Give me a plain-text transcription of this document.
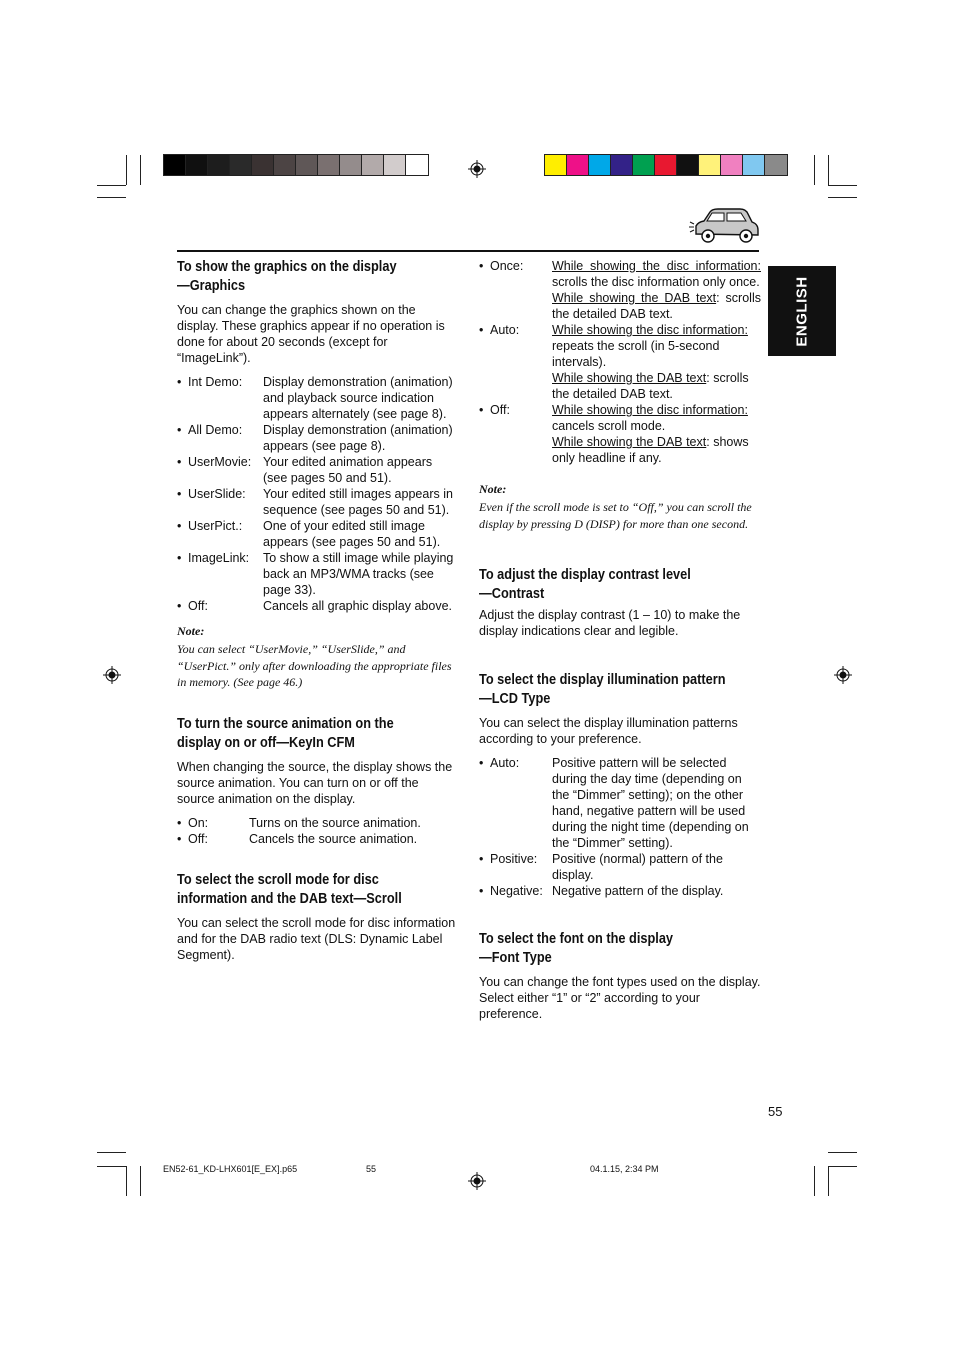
ENGLISH
To show the graphics on the display
—Graphics

You can change the graphics shown on the display. These graphics appear if no operation is done for about 20 seconds (except for “ImageLink”).

• Int Demo:	Display demonstration (animation) and playback source indication appears alternately (see page 8).
• All Demo:	Display demonstration (animation) appears (see page 8).
• UserMovie: Your edited animation appears (see pages 50 and 51).
• UserSlide:	Your edited still images appears in sequence (see pages 50 and 51).
• UserPict.:	One of your edited still image appears (see pages 50 and 51).
• ImageLink:	To show a still image while playing back an MP3/WMA tracks (see page 33).
• Off:	Cancels all graphic display above.
Note:
You can select “UserMovie,” “UserSlide,” and “UserPict.” only after downloading the appropriate files in memory. (See page 46.)
To turn the source animation on the
display on or off—KeyIn CFM

When changing the source, the display shows the source animation. You can turn on or off the source animation on the display.

• On:	Turns on the source animation.
• Off:	Cancels the source animation.
To select the scroll mode for disc
information and the DAB text—Scroll

You can select the scroll mode for disc information and for the DAB radio text (DLS: Dynamic Label Segment).

• Once:	While showing the disc information: scrolls the disc information only once.
While showing the DAB text: scrolls the detailed DAB text.
• Auto:	While showing the disc information: repeats the scroll (in 5-second intervals).
While showing the DAB text: scrolls the detailed DAB text.
• Off:	While showing the disc information: cancels scroll mode.
While showing the DAB text: shows only headline if any.
Note:
Even if the scroll mode is set to “Off,” you can scroll the display by pressing D (DISP) for more than one second.
To adjust the display contrast level
—Contrast

Adjust the display contrast (1 – 10) to make the display indications clear and legible.

To select the display illumination pattern
—LCD Type

You can select the display illumination patterns according to your preference.

• Auto:	Positive pattern will be selected during the day time (depending on the “Dimmer” setting); on the other hand, negative pattern will be used during the night time (depending on the “Dimmer” setting).
• Positive:	Positive (normal) pattern of the display.
• Negative: Negative pattern of the display.
To select the font on the display
—Font Type

You can change the font types used on the display. Select either “1” or “2” according to your preference.

55
EN52-61_KD-LHX601[E_EX].p65	55	04.1.15, 2:34 PM
